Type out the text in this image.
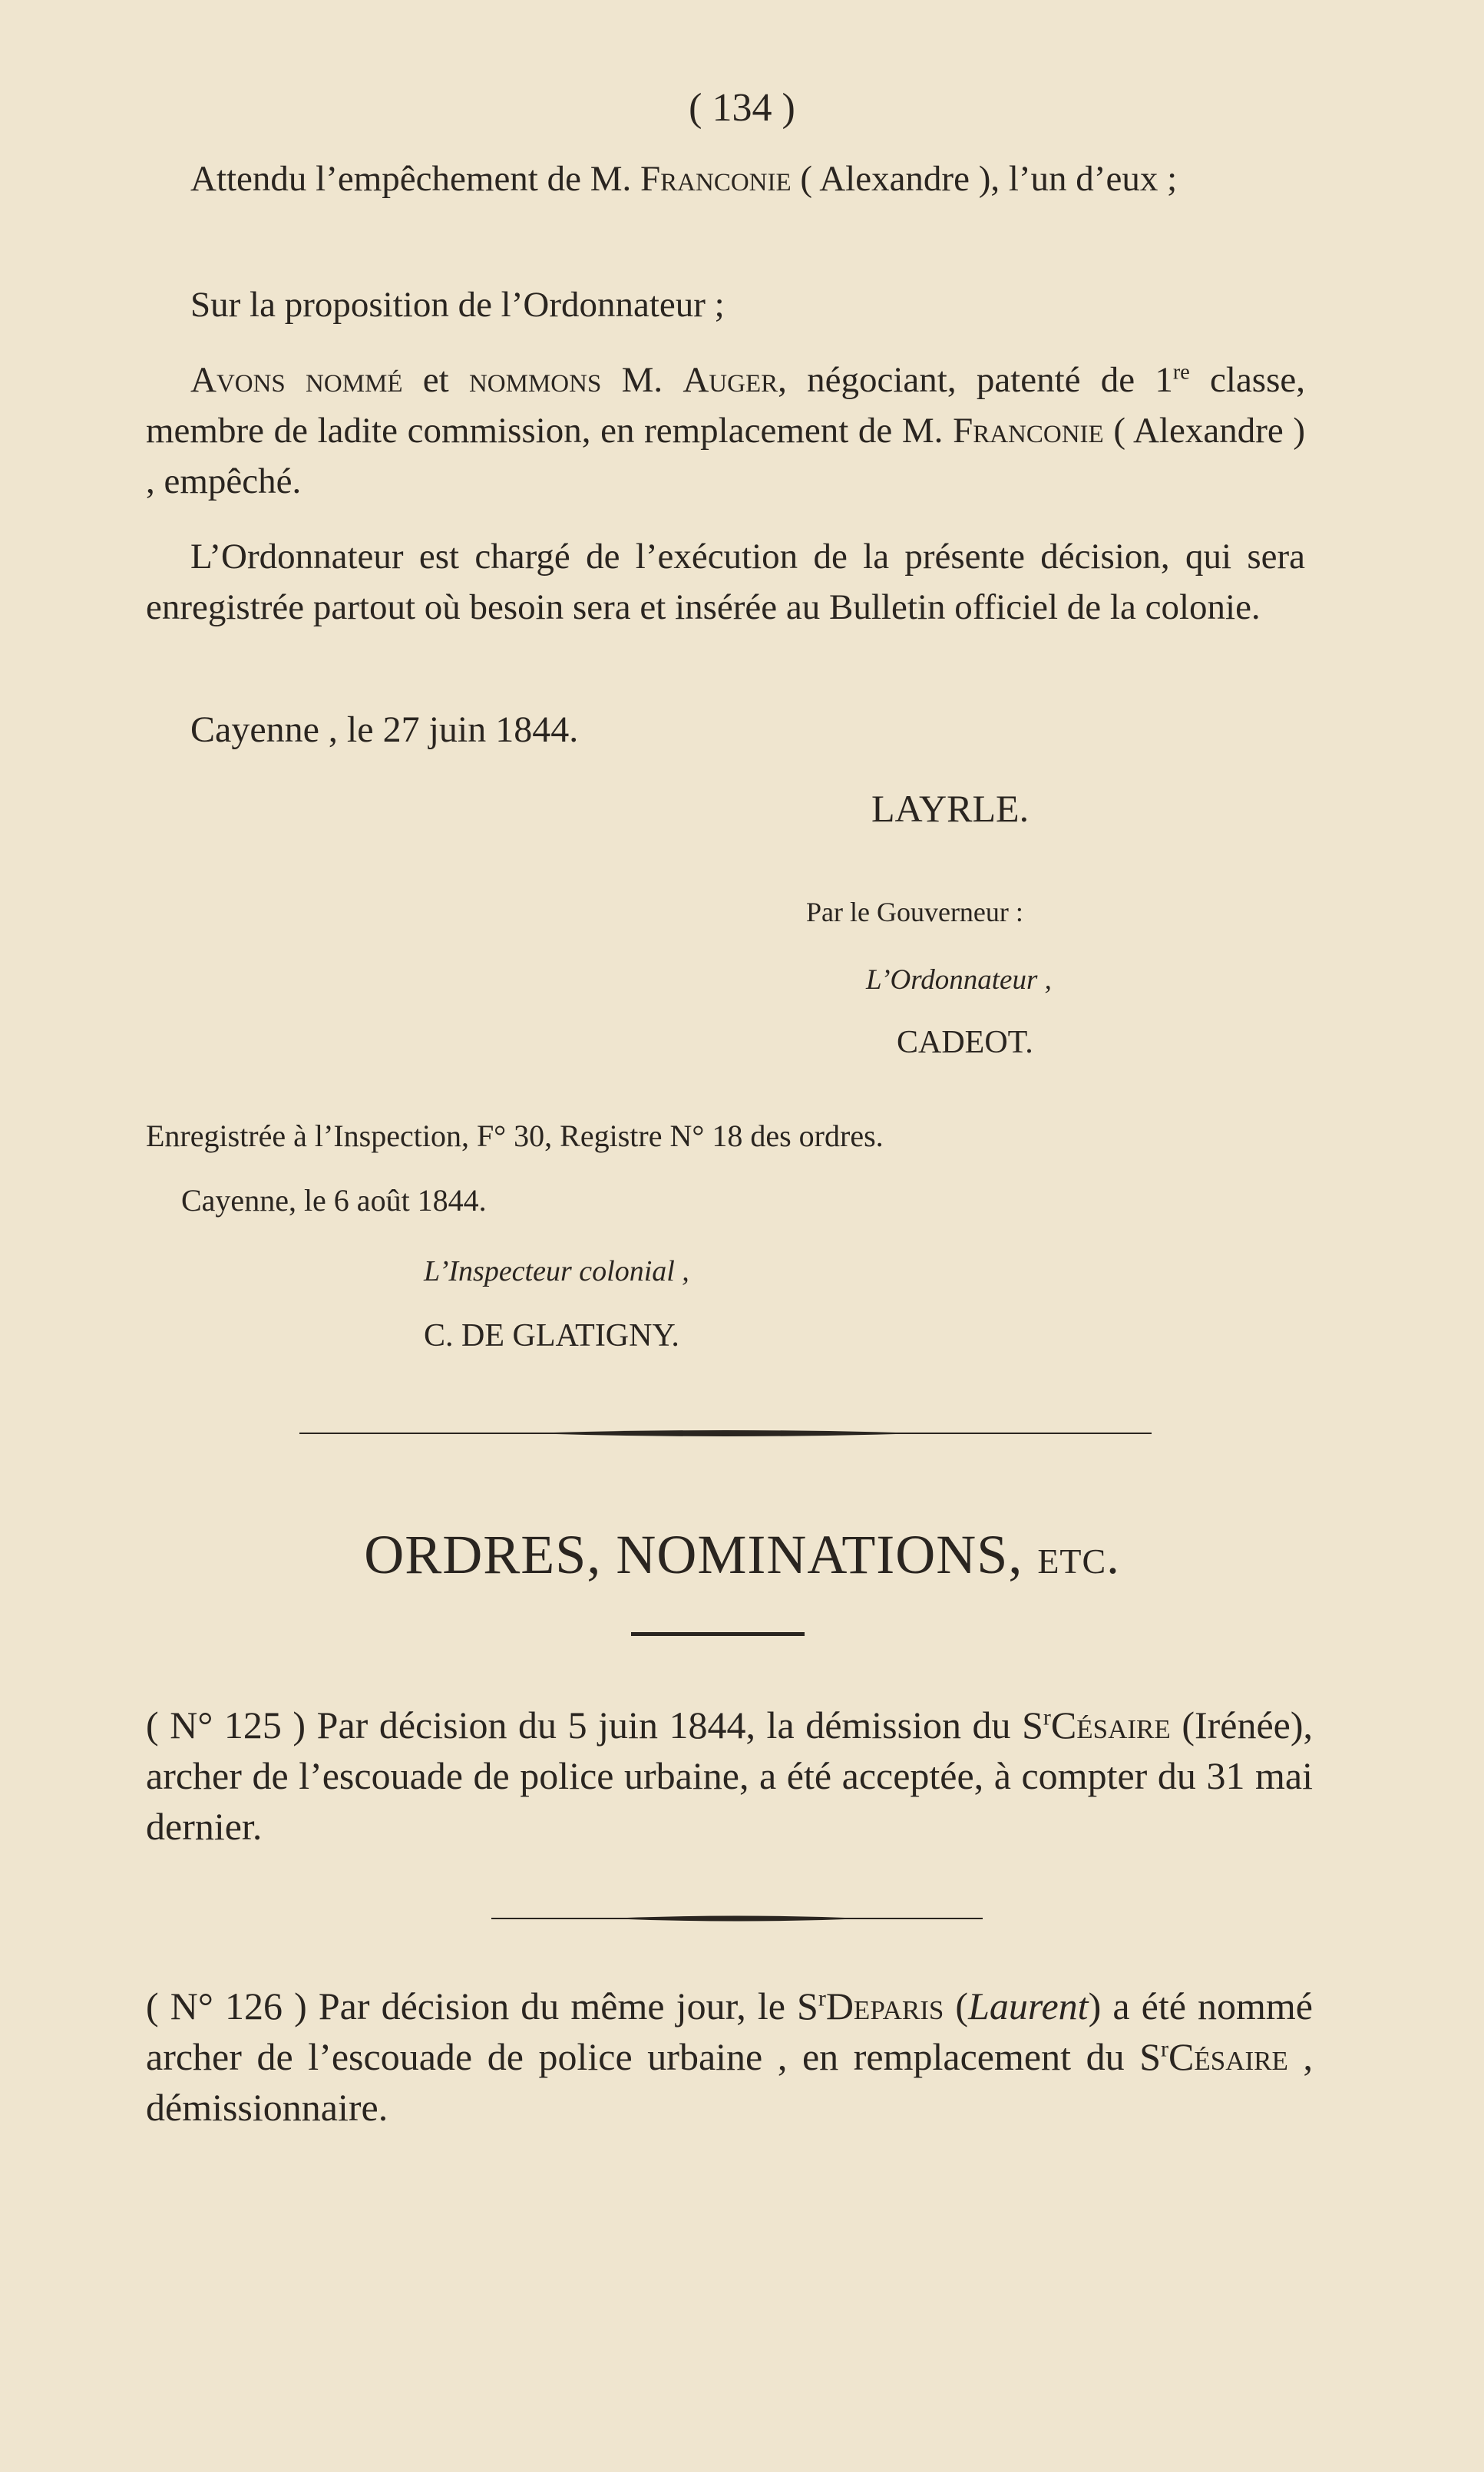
( 134 )

Attendu l’empêchement de M. Franconie ( Alexandre ), l’un d’eux ;

Sur la proposition de l’Ordonnateur ;

Avons nommé et nommons M. Auger, négociant, patenté de 1re classe, membre de ladite commission, en remplacement de M. Franconie ( Alexandre ) , empêché.

L’Ordonnateur est chargé de l’exécution de la présente décision, qui sera enregistrée partout où besoin sera et insérée au Bulletin officiel de la colonie.

Cayenne , le 27 juin 1844.
LAYRLE.
Par le Gouverneur :
L’Ordonnateur ,
CADEOT.
Enregistrée à l’Inspection, F° 30, Registre N° 18 des ordres.
Cayenne, le 6 août 1844.
L’Inspecteur colonial ,
C. DE GLATIGNY.
ORDRES, NOMINATIONS, etc.

( N° 125 ) Par décision du 5 juin 1844, la démission du $S^rCésaire$ (Irénée), archer de l’escouade de police urbaine, a été acceptée, à compter du 31 mai dernier.

( N° 126 ) Par décision du même jour, le $S^rDeparis$ (Laurent) a été nommé archer de l’escouade de police urbaine , en remplacement du $S^rCésaire$ , démissionnaire.
